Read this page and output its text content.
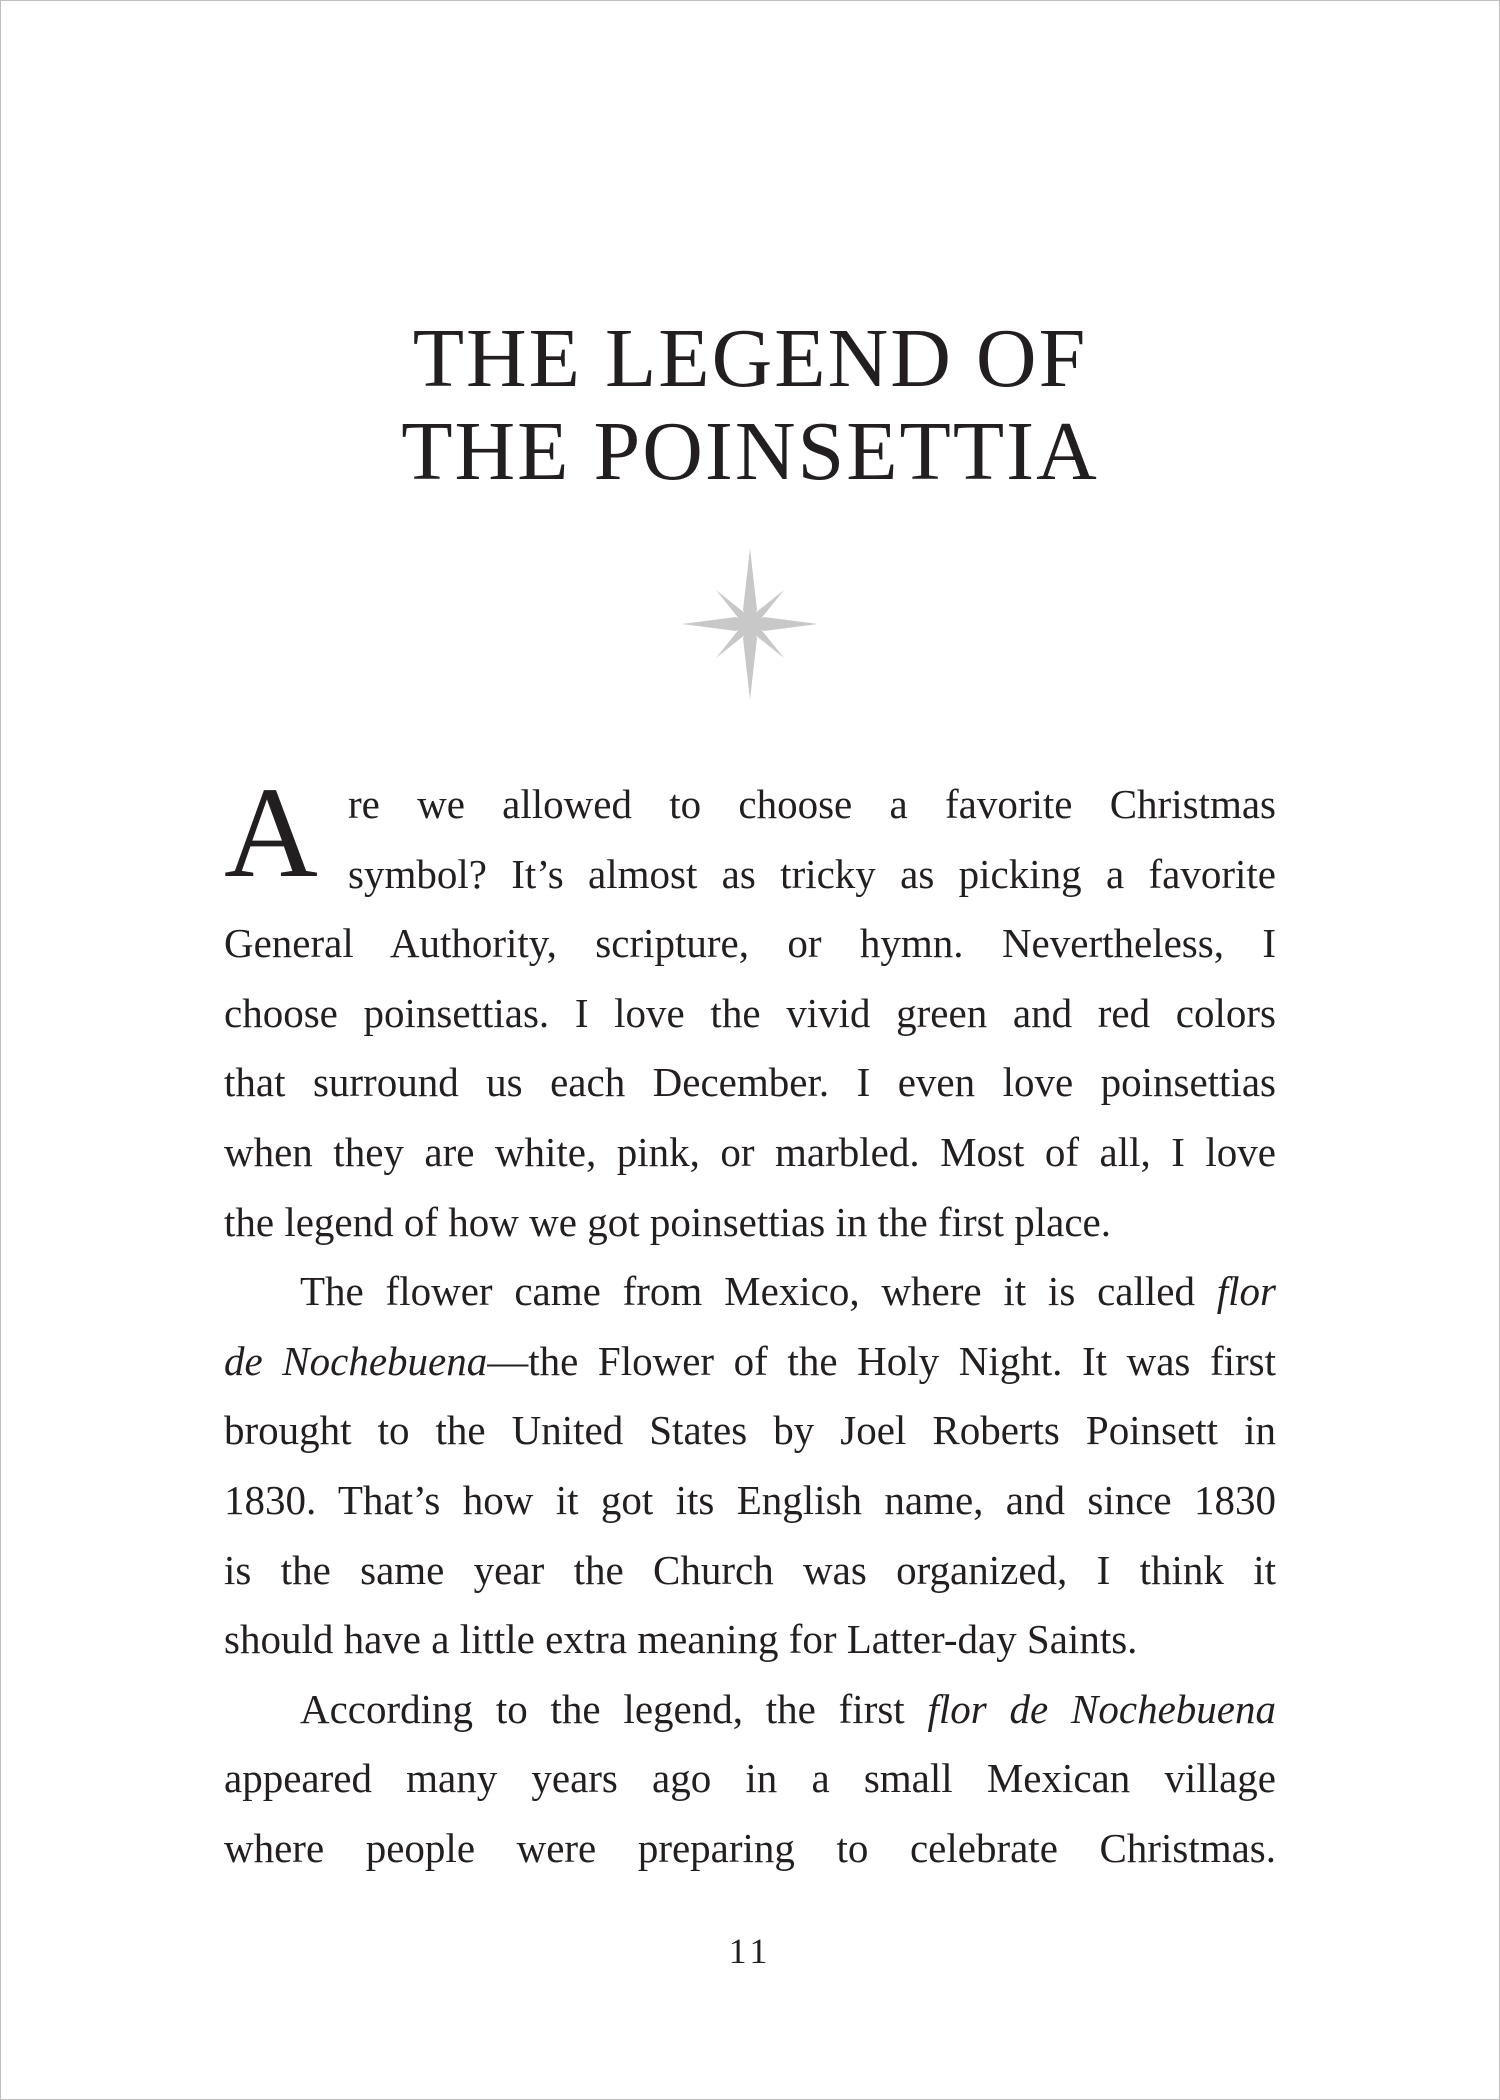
THE LEGEND OF
THE POINSETTIA
A re we allowed to choose a favorite Christmas
symbol? It’s almost as tricky as picking a favorite
General Authority, scripture, or hymn. Nevertheless, I
choose poinsettias. I love the vivid green and red colors
that surround us each December. I even love poinsettias
when they are white, pink, or marbled. Most of all, I love
the legend of how we got poinsettias in the first place.
The flower came from Mexico, where it is called flor
de Nochebuena—the Flower of the Holy Night. It was first
brought to the United States by Joel Roberts Poinsett in
1830. That’s how it got its English name, and since 1830
is the same year the Church was organized, I think it
should have a little extra meaning for Latter-day Saints.
According to the legend, the first flor de Nochebuena
appeared many years ago in a small Mexican village
where people were preparing to celebrate Christmas.
11
